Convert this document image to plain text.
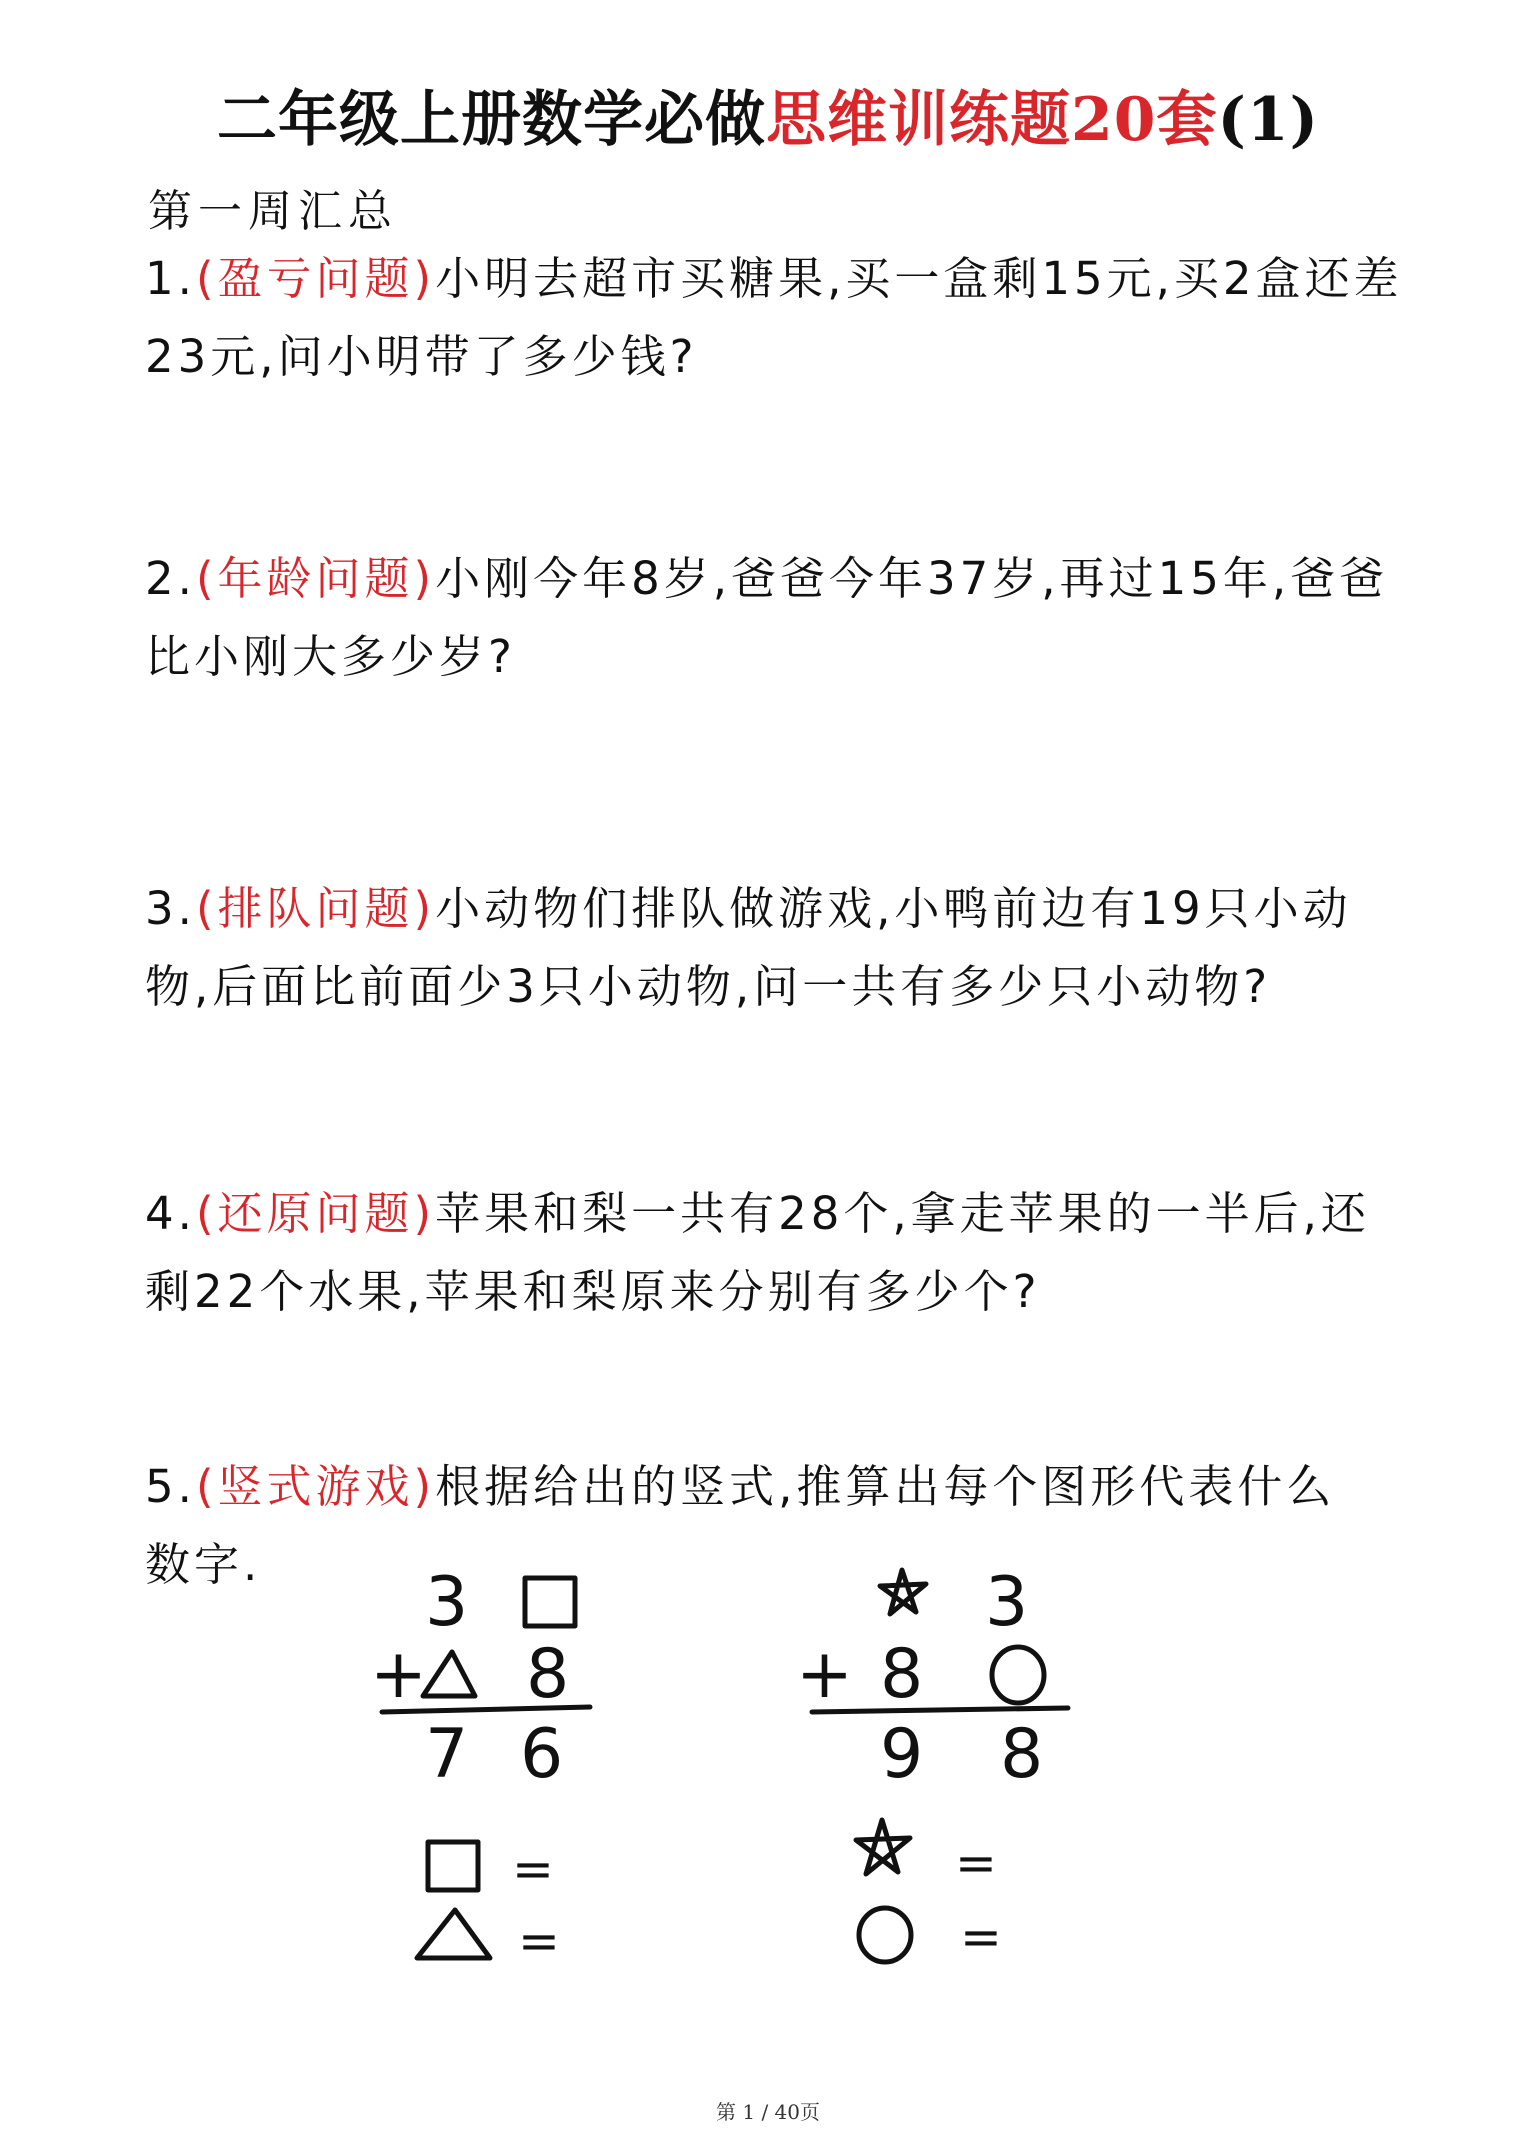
二年级上册数学必做思维训练题20套(1)
第一周汇总
1.(盈亏问题)小明去超市买糖果,买一盒剩15元,买2盒还差23元,问小明带了多少钱?
2.(年龄问题)小刚今年8岁,爸爸今年37岁,再过15年,爸爸比小刚大多少岁?
3.(排队问题)小动物们排队做游戏,小鸭前边有19只小动物,后面比前面少3只小动物,问一共有多少只小动物?
4.(还原问题)苹果和梨一共有28个,拿走苹果的一半后,还剩22个水果,苹果和梨原来分别有多少个?
5.(竖式游戏)根据给出的竖式,推算出每个图形代表什么数字.	3
+ 8
7 6
=
=
3
+ 8
9 8
=
=
第 1 / 40页
